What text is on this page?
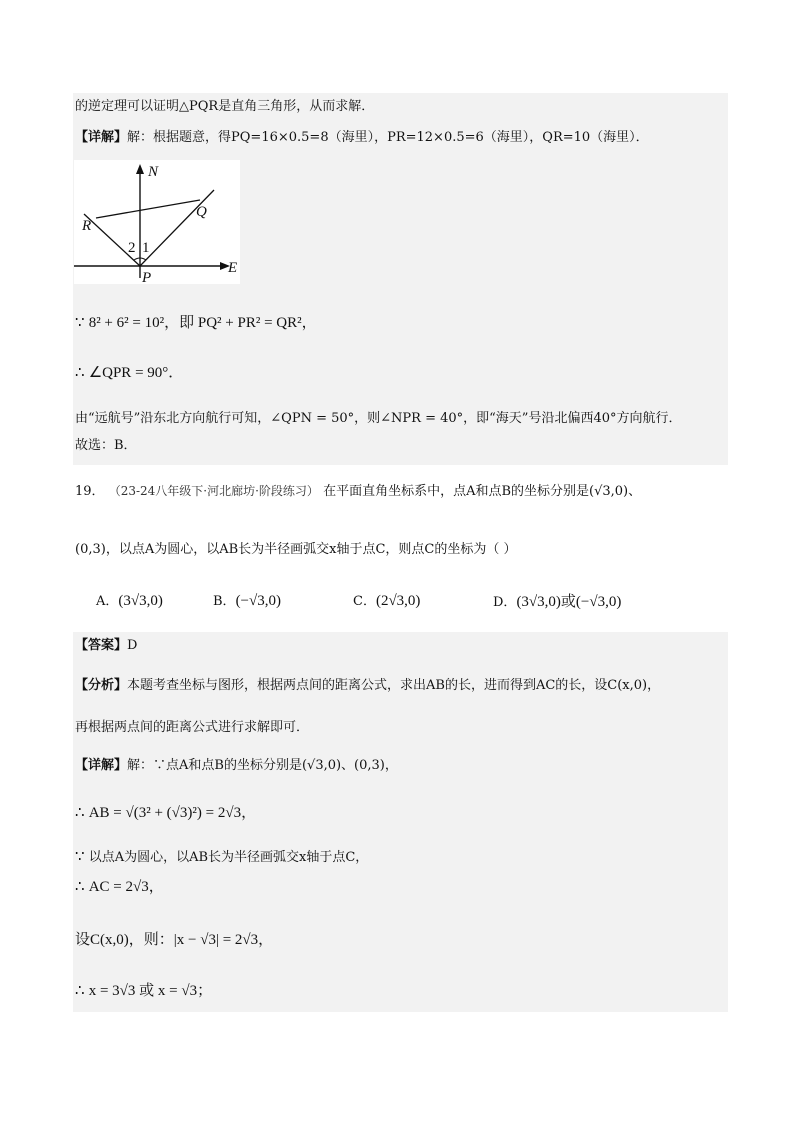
的逆定理可以证明△PQR是直角三角形，从而求解．
【详解】解：根据题意，得PQ=16×0.5=8（海里），PR=12×0.5=6（海里），QR=10（海里）．
N
E
P
Q
R
2 1
∵ 8² + 6² = 10²，即 PQ² + PR² = QR²，
∴ ∠QPR = 90°．
由“远航号”沿东北方向航行可知，∠QPN = 50°，则∠NPR = 40°，即“海天”号沿北偏西40°方向航行．
故选：B．
19． （23-24八年级下·河北廊坊·阶段练习） 在平面直角坐标系中，点A和点B的坐标分别是(√3,0)、
(0,3)，以点A为圆心，以AB长为半径画弧交x轴于点C，则点C的坐标为（ ）
A．(3√3,0)	B．(−√3,0)	C．(2√3,0)	D．(3√3,0)或(−√3,0)
【答案】D
【分析】本题考查坐标与图形，根据两点间的距离公式，求出AB的长，进而得到AC的长，设C(x,0)，
再根据两点间的距离公式进行求解即可．
【详解】解：∵点A和点B的坐标分别是(√3,0)、(0,3)，
∴ AB = √(3² + (√3)²) = 2√3，
∵ 以点A为圆心，以AB长为半径画弧交x轴于点C，
∴ AC = 2√3，
设C(x,0)，则：|x − √3| = 2√3，
∴ x = 3√3 或 x = √3；
